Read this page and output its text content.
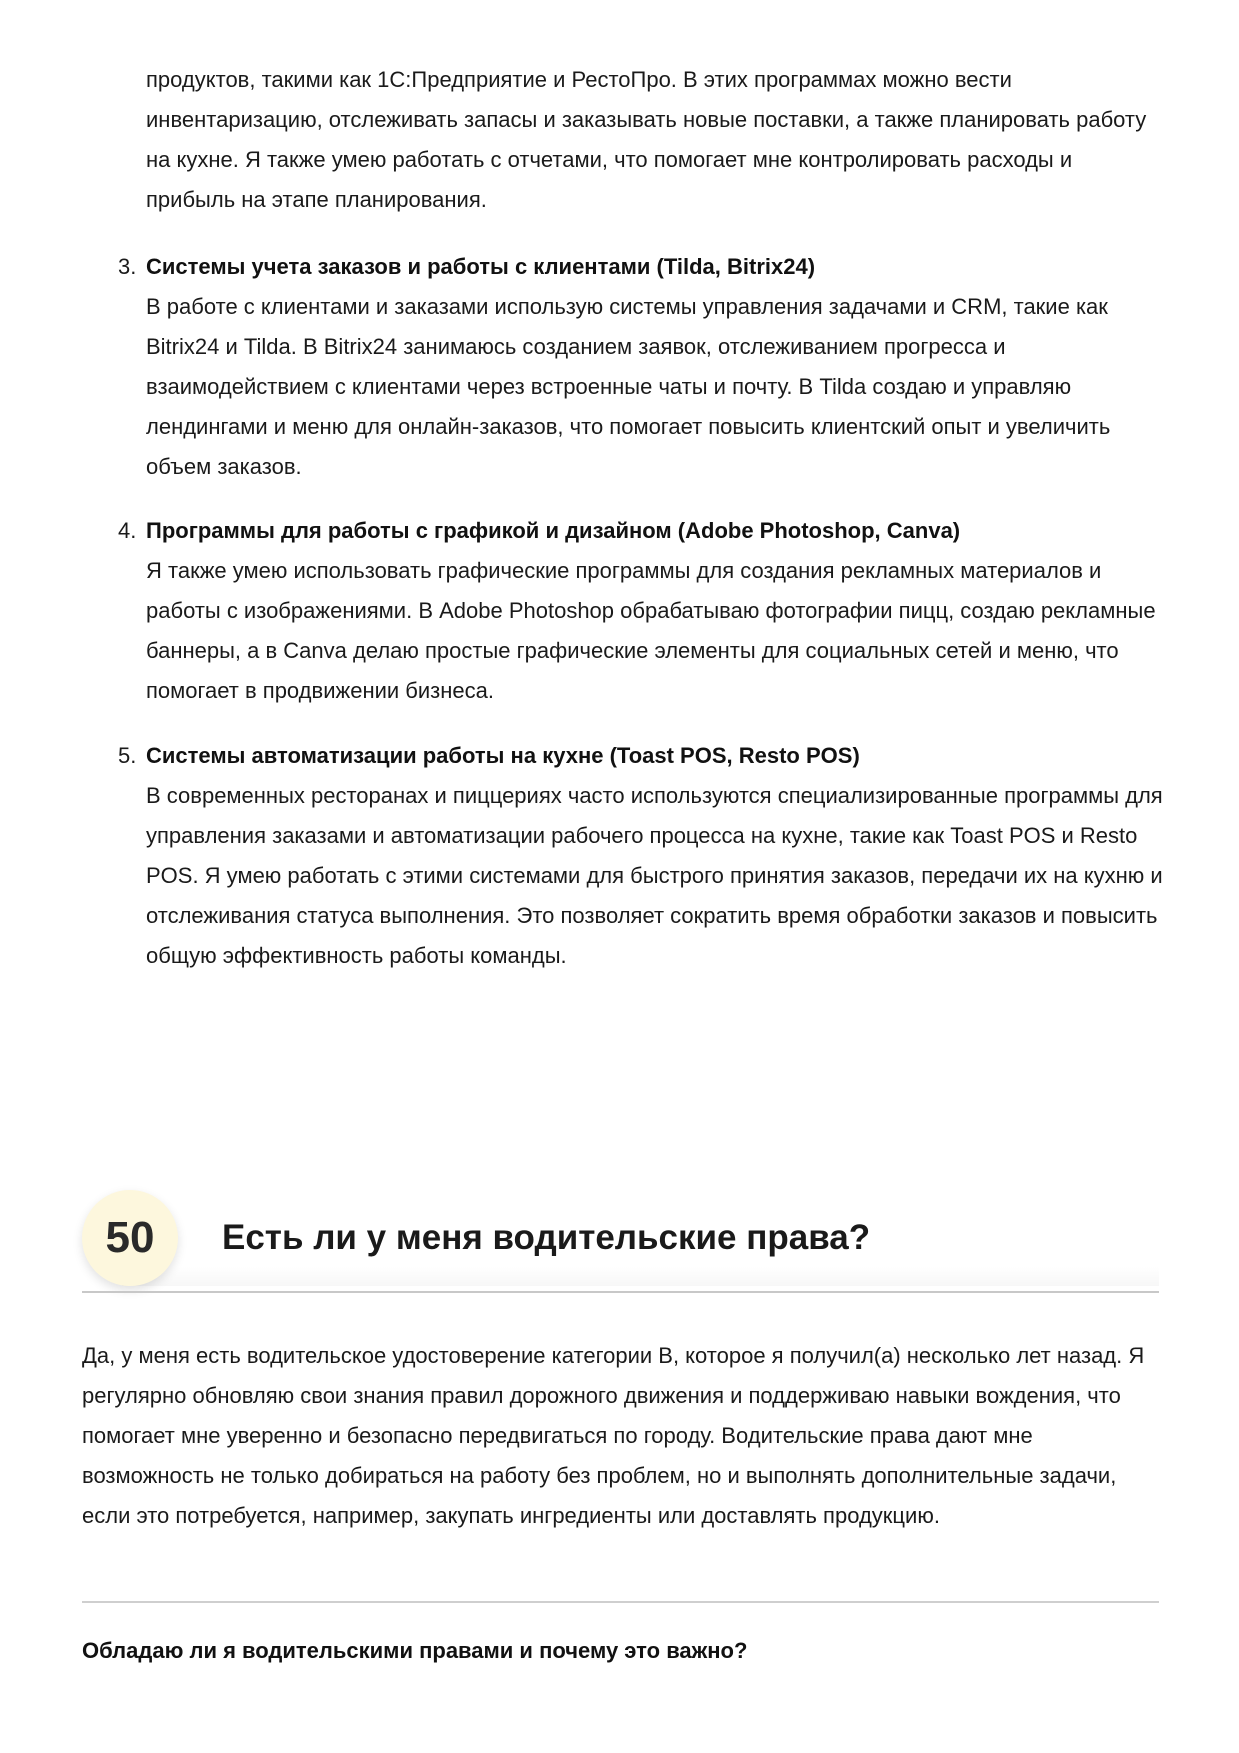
продуктов, такими как 1С:Предприятие и РестоПро. В этих программах можно вести инвентаризацию, отслеживать запасы и заказывать новые поставки, а также планировать работу на кухне. Я также умею работать с отчетами, что помогает мне контролировать расходы и прибыль на этапе планирования.

3. Системы учета заказов и работы с клиентами (Tilda, Bitrix24)
В работе с клиентами и заказами использую системы управления задачами и CRM, такие как Bitrix24 и Tilda. В Bitrix24 занимаюсь созданием заявок, отслеживанием прогресса и взаимодействием с клиентами через встроенные чаты и почту. В Tilda создаю и управляю лендингами и меню для онлайн-заказов, что помогает повысить клиентский опыт и увеличить объем заказов.
4. Программы для работы с графикой и дизайном (Adobe Photoshop, Canva)
Я также умею использовать графические программы для создания рекламных материалов и работы с изображениями. В Adobe Photoshop обрабатываю фотографии пицц, создаю рекламные баннеры, а в Canva делаю простые графические элементы для социальных сетей и меню, что помогает в продвижении бизнеса.
5. Системы автоматизации работы на кухне (Toast POS, Resto POS)
В современных ресторанах и пиццериях часто используются специализированные программы для управления заказами и автоматизации рабочего процесса на кухне, такие как Toast POS и Resto POS. Я умею работать с этими системами для быстрого принятия заказов, передачи их на кухню и отслеживания статуса выполнения. Это позволяет сократить время обработки заказов и повысить общую эффективность работы команды.
50	Есть ли у меня водительские права?

Да, у меня есть водительское удостоверение категории B, которое я получил(а) несколько лет назад. Я регулярно обновляю свои знания правил дорожного движения и поддерживаю навыки вождения, что помогает мне уверенно и безопасно передвигаться по городу. Водительские права дают мне возможность не только добираться на работу без проблем, но и выполнять дополнительные задачи, если это потребуется, например, закупать ингредиенты или доставлять продукцию.

Обладаю ли я водительскими правами и почему это важно?
